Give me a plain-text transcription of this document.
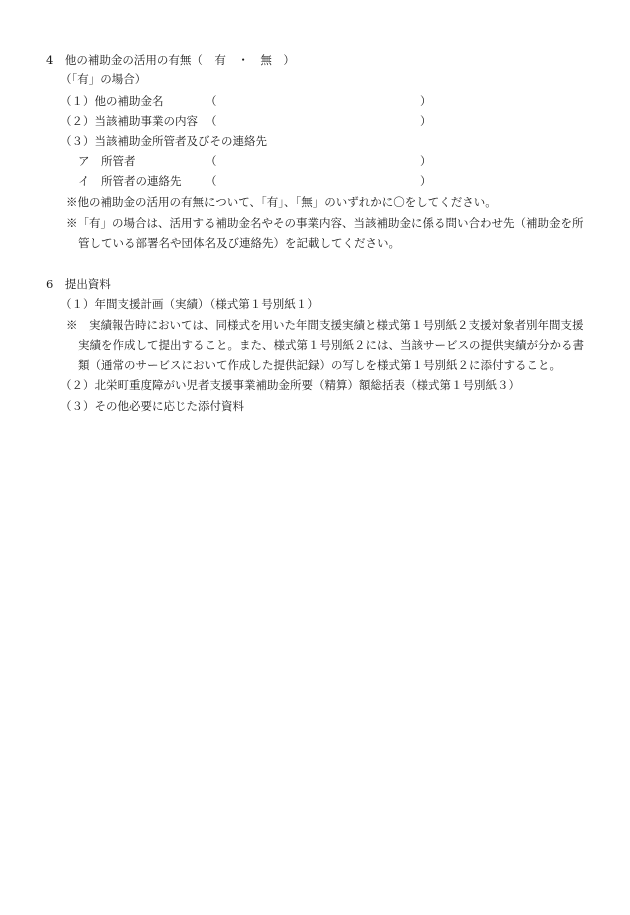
4　他の補助金の活用の有無（　有　・　無　）
（「有」の場合）
（１）他の補助金名	（	）
（２）当該補助事業の内容 （	）
（３）当該補助金所管者及びその連絡先
ア　所管者	（	）
イ　所管者の連絡先 （	）
※他の補助金の活用の有無について、「有」、「無」のいずれかに〇をしてください。
※「有」の場合は、活用する補助金名やその事業内容、当該補助金に係る問い合わせ先（補助金を所
管している部署名や団体名及び連絡先）を記載してください。
6　提出資料
（１）年間支援計画（実績）（様式第１号別紙１）
※　実績報告時においては、同様式を用いた年間支援実績と様式第１号別紙２支援対象者別年間支援
実績を作成して提出すること。また、様式第１号別紙２には、当該サービスの提供実績が分かる書
類（通常のサービスにおいて作成した提供記録）の写しを様式第１号別紙２に添付すること。
（２）北栄町重度障がい児者支援事業補助金所要（精算）額総括表（様式第１号別紙３）
（３）その他必要に応じた添付資料
